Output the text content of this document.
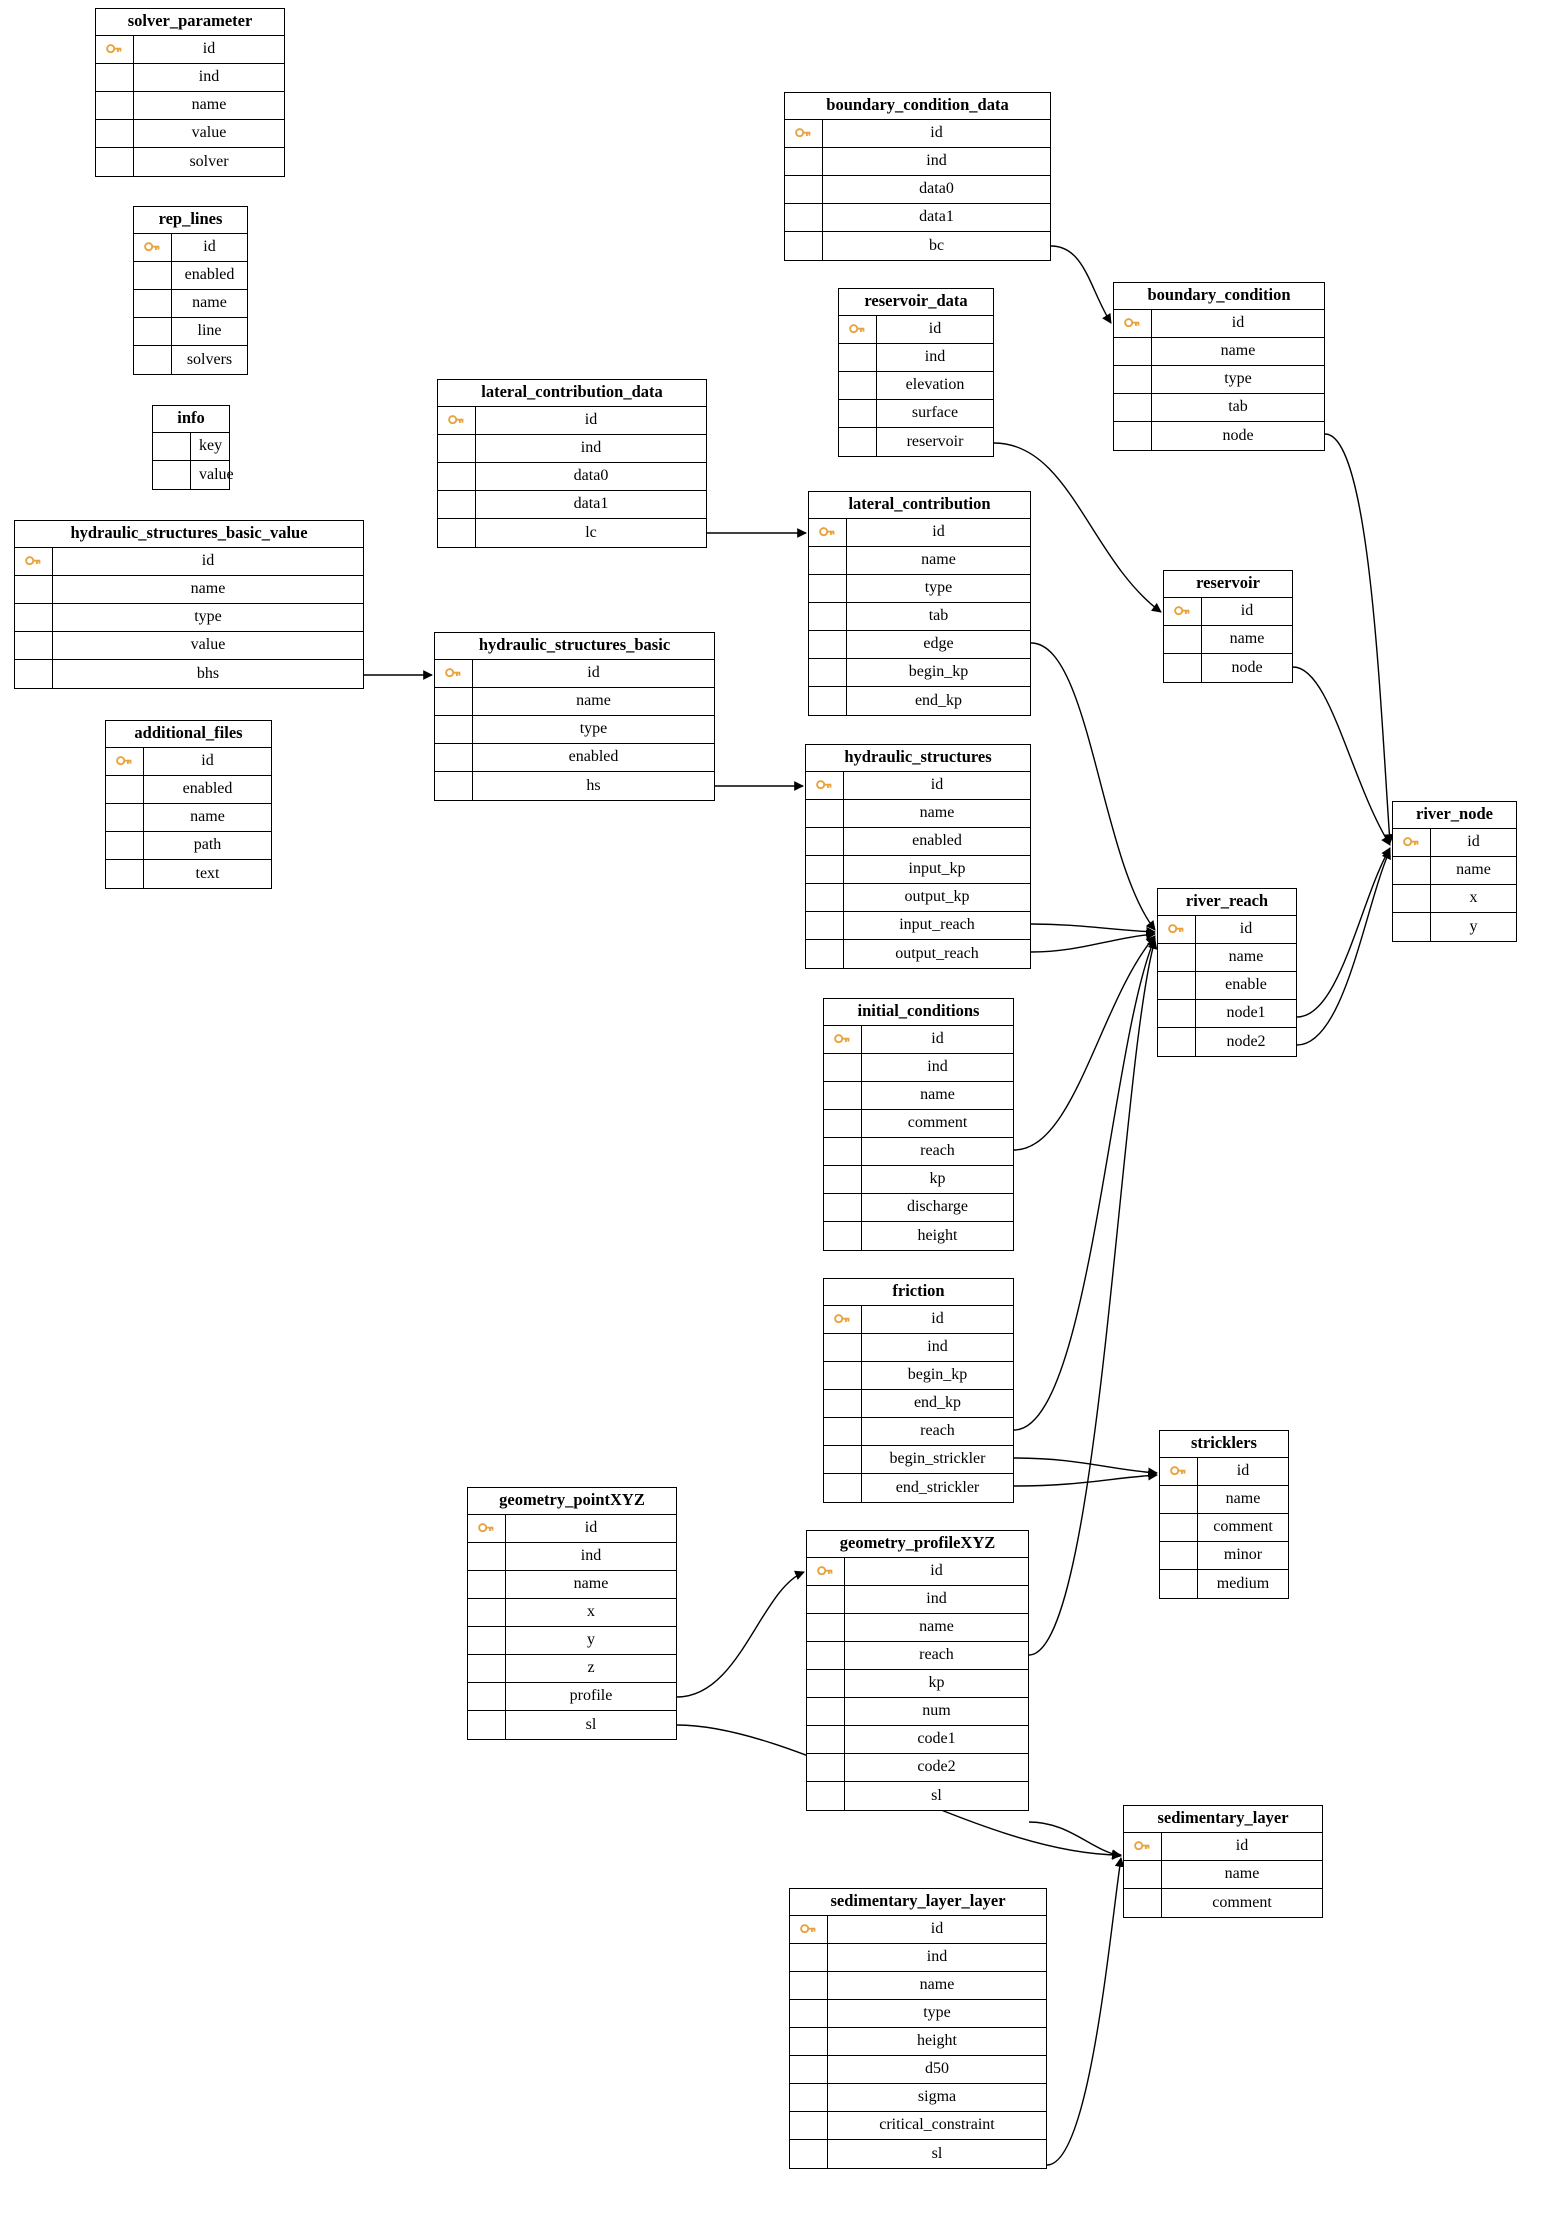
solver_parameter
id
ind
name
value
solver
rep_lines
id
enabled
name
line
solvers
info
key
value
hydraulic_structures_basic_value
id
name
type
value
bhs
additional_files
id
enabled
name
path
text
lateral_contribution_data
id
ind
data0
data1
lc
hydraulic_structures_basic
id
name
type
enabled
hs
boundary_condition_data
id
ind
data0
data1
bc
reservoir_data
id
ind
elevation
surface
reservoir
lateral_contribution
id
name
type
tab
edge
begin_kp
end_kp
hydraulic_structures
id
name
enabled
input_kp
output_kp
input_reach
output_reach
initial_conditions
id
ind
name
comment
reach
kp
discharge
height
friction
id
ind
begin_kp
end_kp
reach
begin_strickler
end_strickler
boundary_condition
id
name
type
tab
node
reservoir
id
name
node
river_reach
id
name
enable
node1
node2
river_node
id
name
x
y
stricklers
id
name
comment
minor
medium
geometry_pointXYZ
id
ind
name
x
y
z
profile
sl
geometry_profileXYZ
id
ind
name
reach
kp
num
code1
code2
sl
sedimentary_layer
id
name
comment
sedimentary_layer_layer
id
ind
name
type
height
d50
sigma
critical_constraint
sl
